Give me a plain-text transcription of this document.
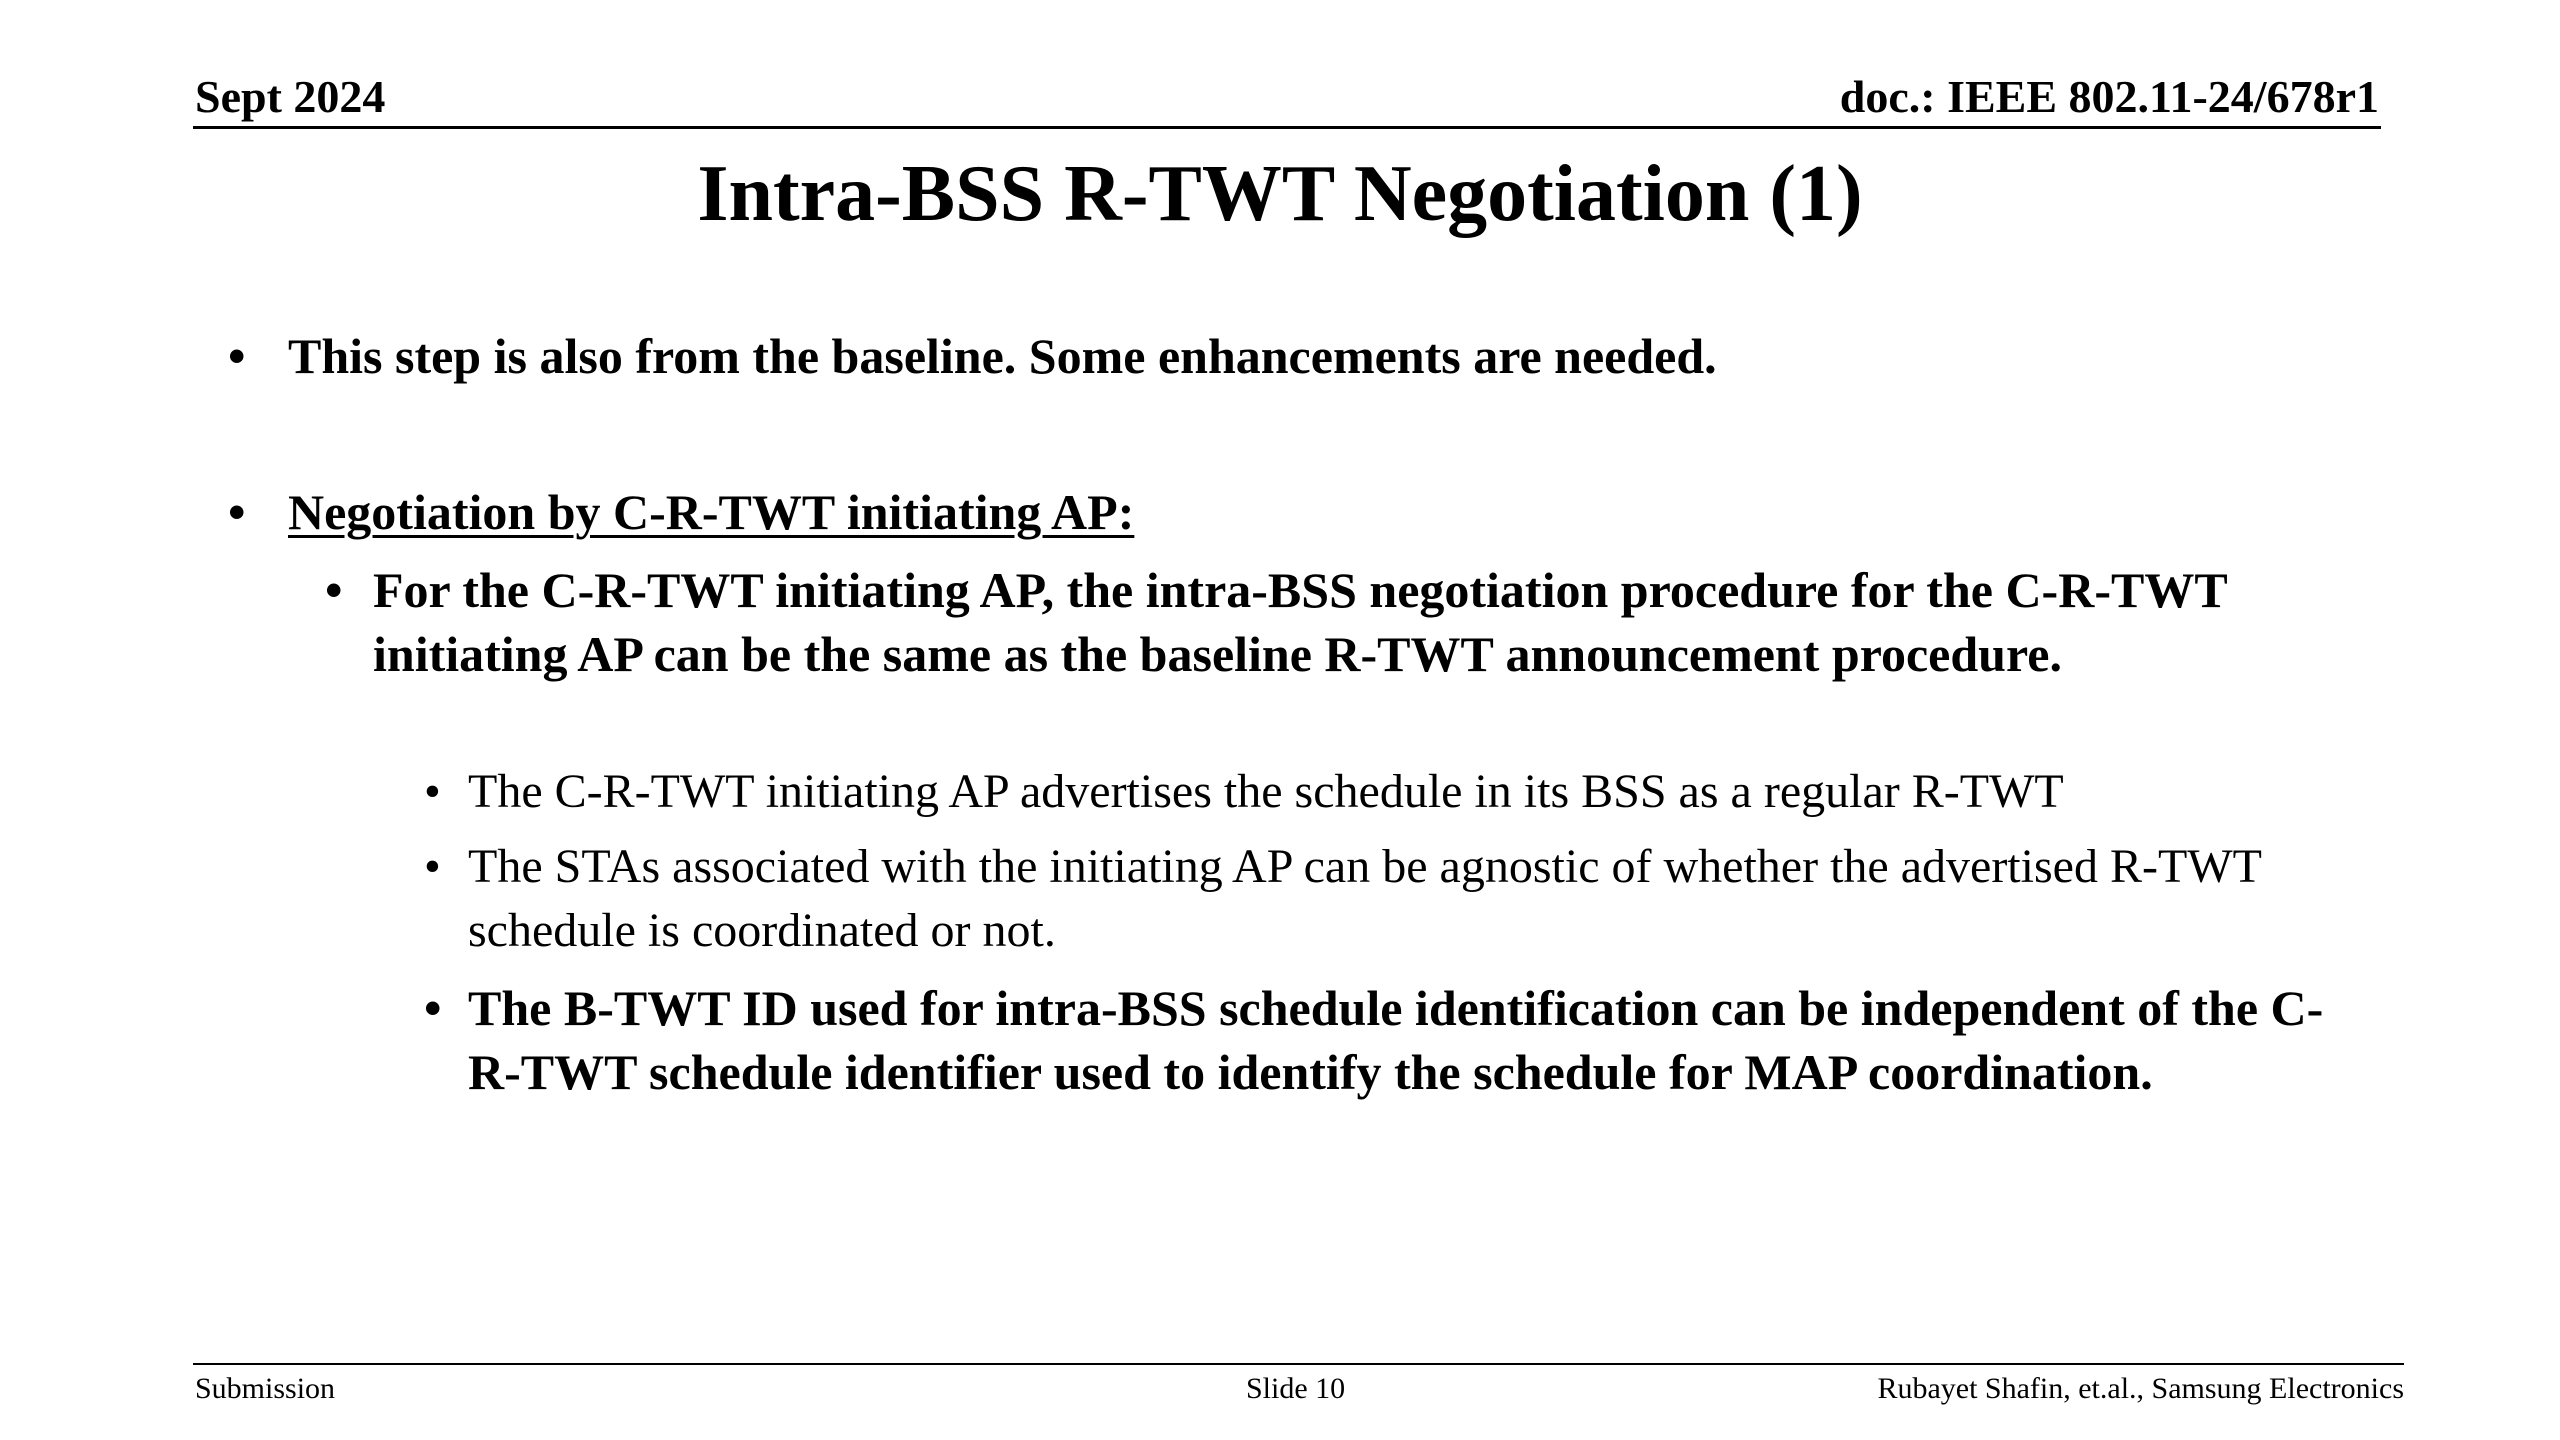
Sept 2024	doc.: IEEE 802.11-24/678r1
Intra-BSS R-TWT Negotiation (1)
• This step is also from the baseline. Some enhancements are needed.
• Negotiation by C-R-TWT initiating AP:
• For the C-R-TWT initiating AP, the intra-BSS negotiation procedure for the C-R-TWT initiating AP can be the same as the baseline R-TWT announcement procedure.
• The C-R-TWT initiating AP advertises the schedule in its BSS as a regular R-TWT
• The STAs associated with the initiating AP can be agnostic of whether the advertised R-TWT schedule is coordinated or not.
• The B-TWT ID used for intra-BSS schedule identification can be independent of the C-R-TWT schedule identifier used to identify the schedule for MAP coordination.
Submission	Slide 10	Rubayet Shafin, et.al., Samsung Electronics
